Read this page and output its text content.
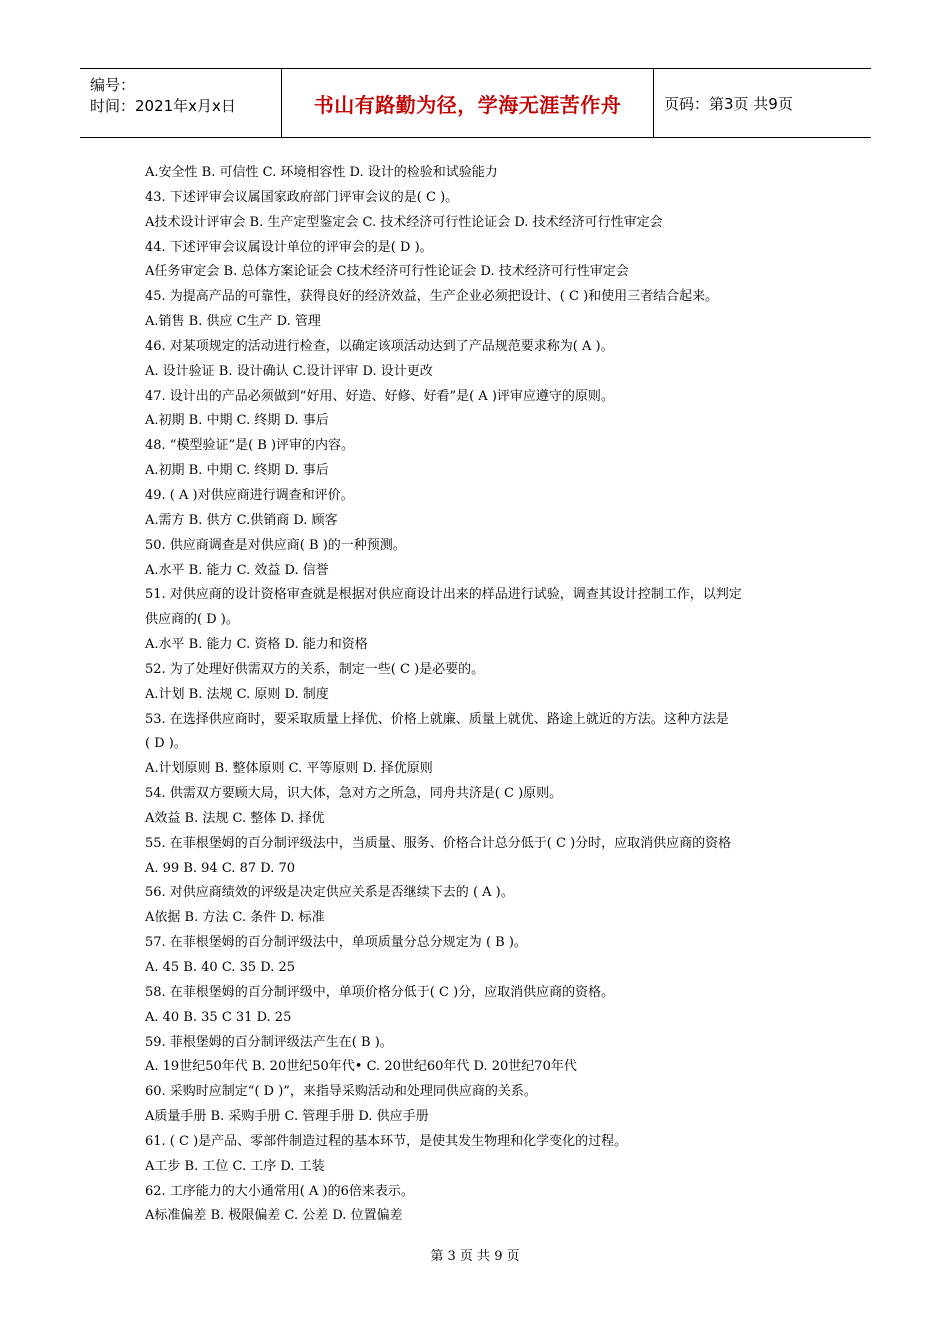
编号：
时间：2021年x月x日	书山有路勤为径，学海无涯苦作舟	页码：第3页 共9页
A.安全性 B. 可信性 C. 环境相容性 D. 设计的检验和试验能力
43. 下述评审会议属国家政府部门评审会议的是( C )。
A技术设计评审会 B. 生产定型鉴定会 C. 技术经济可行性论证会 D. 技术经济可行性审定会
44. 下述评审会议属设计单位的评审会的是( D )。
A任务审定会 B. 总体方案论证会 C技术经济可行性论证会 D. 技术经济可行性审定会
45. 为提高产品的可靠性，获得良好的经济效益，生产企业必须把设计、( C )和使用三者结合起来。
A.销售 B. 供应 C生产 D. 管理
46. 对某项规定的活动进行检查，以确定该项活动达到了产品规范要求称为( A )。
A. 设计验证 B. 设计确认 C.设计评审 D. 设计更改
47. 设计出的产品必须做到“好用、好造、好修、好看”是( A )评审应遵守的原则。
A.初期 B. 中期 C. 终期 D. 事后
48. “模型验证”是( B )评审的内容。
A.初期 B. 中期 C. 终期 D. 事后
49. ( A )对供应商进行调查和评价。
A.需方 B. 供方 C.供销商 D. 顾客
50. 供应商调查是对供应商( B )的一种预测。
A.水平 B. 能力 C. 效益 D. 信誉
51. 对供应商的设计资格审查就是根据对供应商设计出来的样品进行试验，调查其设计控制工作，以判定
供应商的( D )。
A.水平 B. 能力 C. 资格 D. 能力和资格
52. 为了处理好供需双方的关系，制定一些( C )是必要的。
A.计划 B. 法规 C. 原则 D. 制度
53. 在选择供应商时，要采取质量上择优、价格上就廉、质量上就优、路途上就近的方法。这种方法是
( D )。
A.计划原则 B. 整体原则 C. 平等原则 D. 择优原则
54. 供需双方要顾大局，识大体，急对方之所急，同舟共济是( C )原则。
A效益 B. 法规 C. 整体 D. 择优
55. 在菲根堡姆的百分制评级法中，当质量、服务、价格合计总分低于( C )分时，应取消供应商的资格
A. 99 B. 94 C. 87 D. 70
56. 对供应商绩效的评级是决定供应关系是否继续下去的 ( A )。
A依据 B. 方法 C. 条件 D. 标准
57. 在菲根堡姆的百分制评级法中，单项质量分总分规定为 ( B )。
A. 45 B. 40 C. 35 D. 25
58. 在菲根堡姆的百分制评级中，单项价格分低于( C )分，应取消供应商的资格。
A. 40 B. 35 C 31 D. 25
59. 菲根堡姆的百分制评级法产生在( B )。
A. 19世纪50年代 B. 20世纪50年代• C. 20世纪60年代 D. 20世纪70年代
60. 采购时应制定“( D )”，来指导采购活动和处理同供应商的关系。
A质量手册 B. 采购手册 C. 管理手册 D. 供应手册
61. ( C )是产品、零部件制造过程的基本环节，是使其发生物理和化学变化的过程。
A工步 B. 工位 C. 工序 D. 工装
62. 工序能力的大小通常用( A )的6倍来表示。
A标准偏差 B. 极限偏差 C. 公差 D. 位置偏差
第 3 页 共 9 页
